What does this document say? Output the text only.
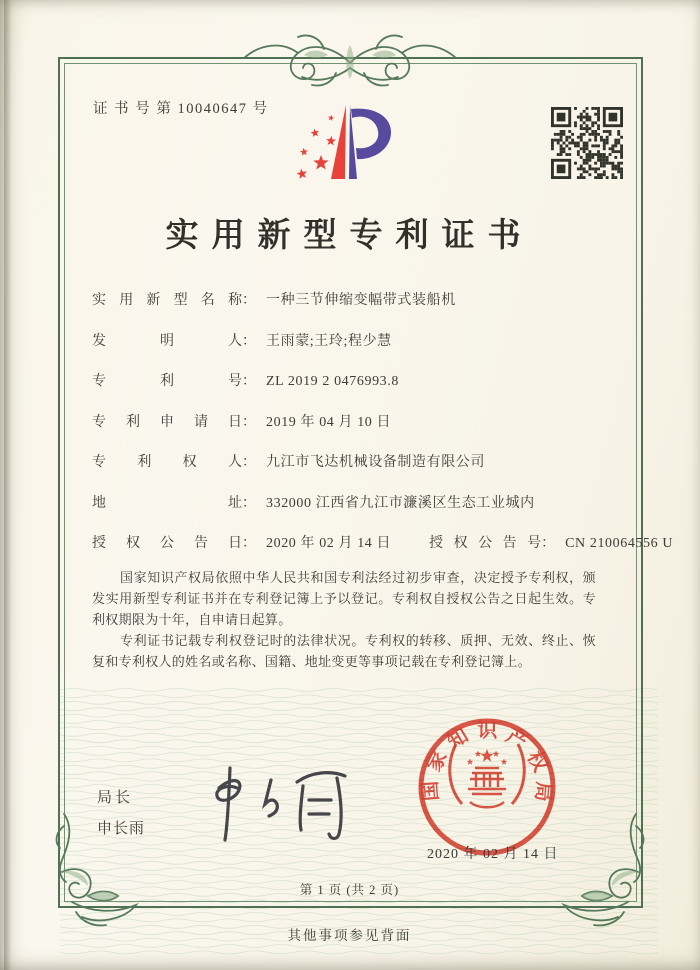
证 书 号 第 10040647 号
实用新型专利证书
实用新型名称： 一种三节伸缩变幅带式装船机
发明人： 王雨蒙;王玲;程少慧
专利号： ZL 2019 2 0476993.8
专利申请日： 2019 年 04 月 10 日
专利权人： 九江市飞达机械设备制造有限公司
地址： 332000 江西省九江市濂溪区生态工业城内
授权公告日： 2020 年 02 月 14 日	授权公告号： CN 210064556 U

国家知识产权局依照中华人民共和国专利法经过初步审查，决定授予专利权，颁发实用新型专利证书并在专利登记簿上予以登记。专利权自授权公告之日起生效。专利权期限为十年，自申请日起算。

专利证书记载专利权登记时的法律状况。专利权的转移、质押、无效、终止、恢复和专利权人的姓名或名称、国籍、地址变更等事项记载在专利登记簿上。

局长
申长雨
国家知识产权局
2020 年 02 月 14 日
第 1 页 (共 2 页)
其他事项参见背面
